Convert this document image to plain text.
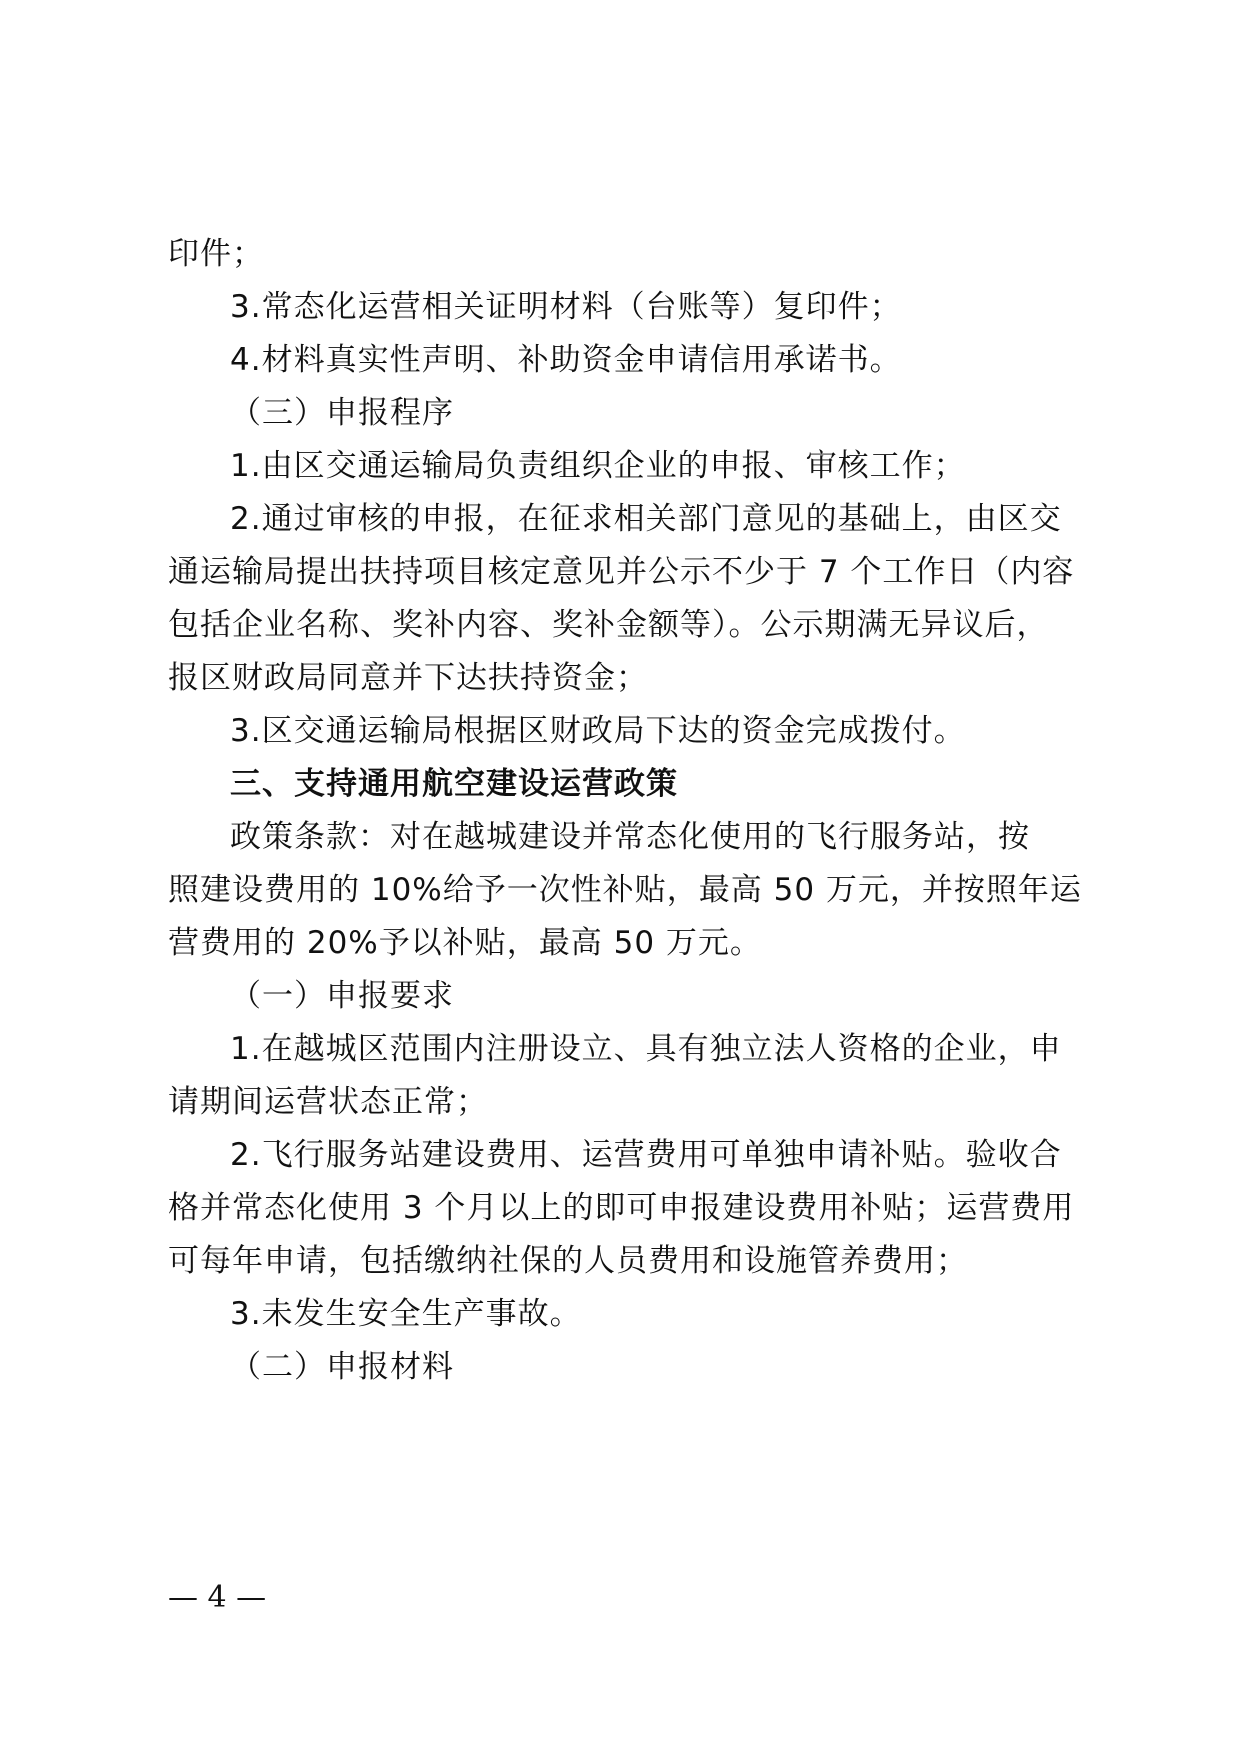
印件；
3.常态化运营相关证明材料（台账等）复印件；
4.材料真实性声明、补助资金申请信用承诺书。
（三）申报程序
1.由区交通运输局负责组织企业的申报、审核工作；
2.通过审核的申报，在征求相关部门意见的基础上，由区交
通运输局提出扶持项目核定意见并公示不少于 7 个工作日（内容
包括企业名称、奖补内容、奖补金额等）。公示期满无异议后，
报区财政局同意并下达扶持资金；
3.区交通运输局根据区财政局下达的资金完成拨付。
三、支持通用航空建设运营政策
政策条款：对在越城建设并常态化使用的飞行服务站，按
照建设费用的 10%给予一次性补贴，最高 50 万元，并按照年运
营费用的 20%予以补贴，最高 50 万元。
（一）申报要求
1.在越城区范围内注册设立、具有独立法人资格的企业，申
请期间运营状态正常；
2.飞行服务站建设费用、运营费用可单独申请补贴。验收合
格并常态化使用 3 个月以上的即可申报建设费用补贴；运营费用
可每年申请，包括缴纳社保的人员费用和设施管养费用；
3.未发生安全生产事故。
（二）申报材料
— 4 —
